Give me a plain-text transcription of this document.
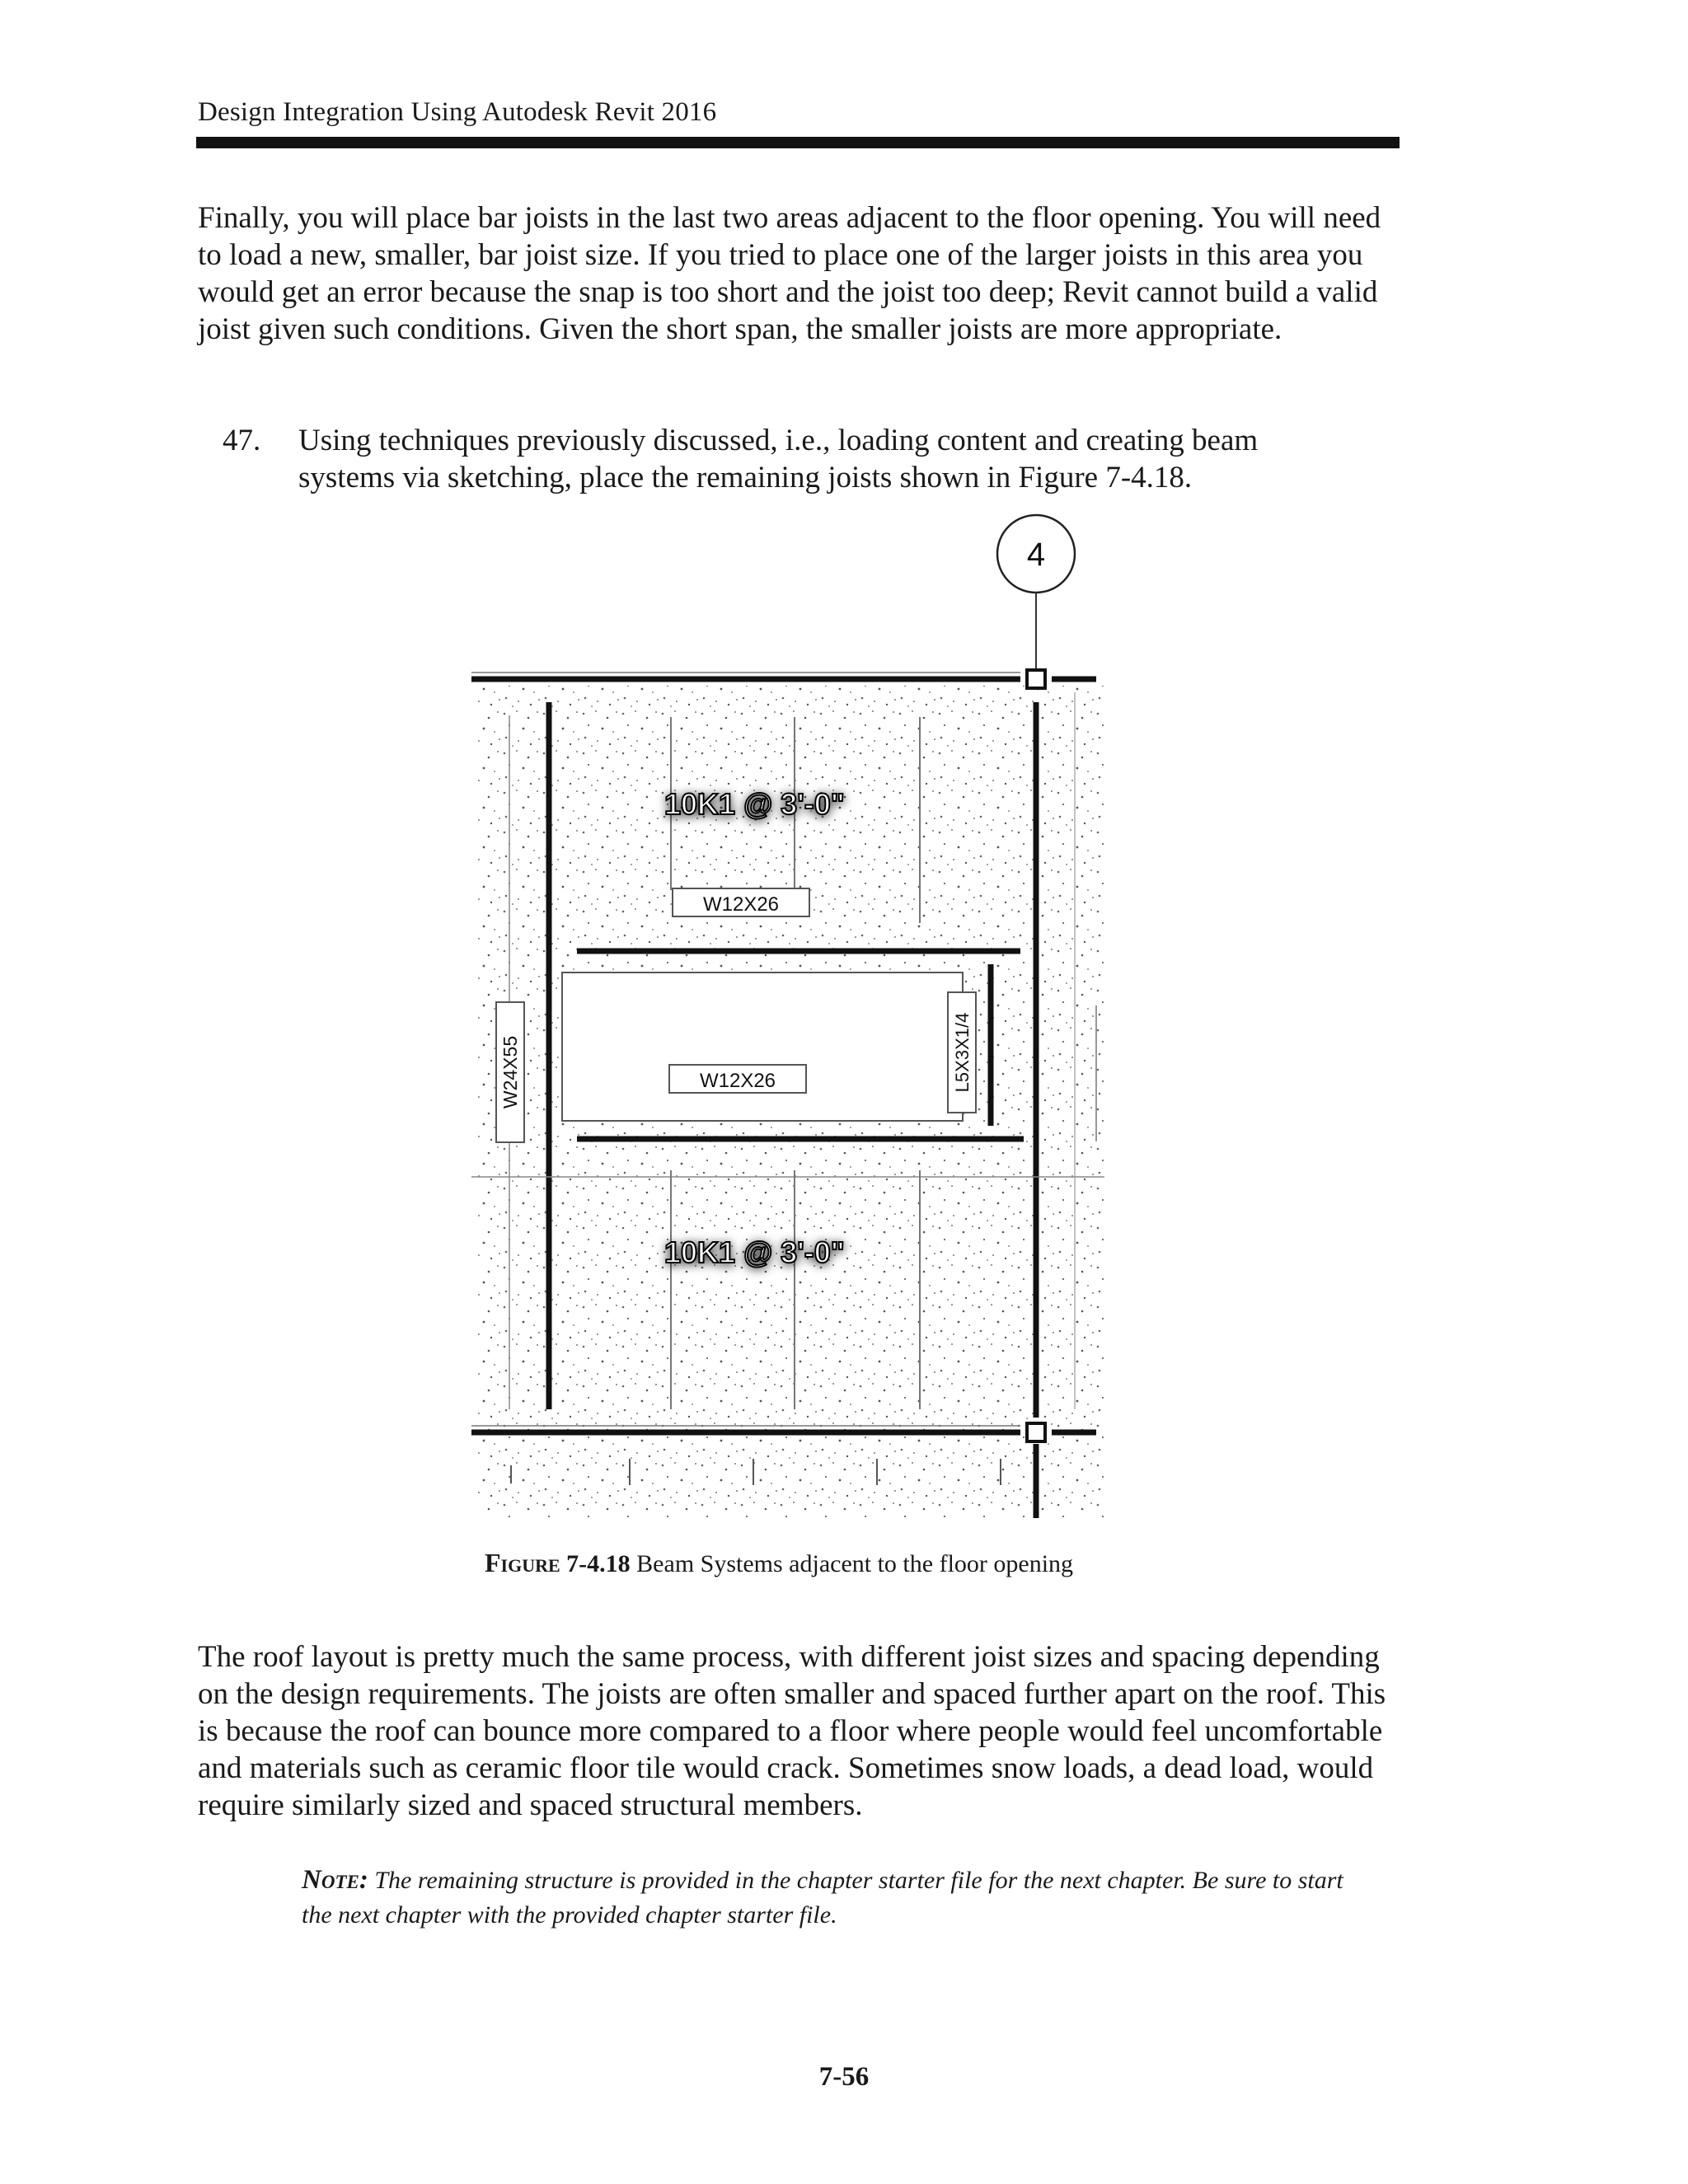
Design Integration Using Autodesk Revit 2016

Finally, you will place bar joists in the last two areas adjacent to the floor opening. You will need to load a new, smaller, bar joist size. If you tried to place one of the larger joists in this area you would get an error because the snap is too short and the joist too deep; Revit cannot build a valid joist given such conditions. Given the short span, the smaller joists are more appropriate.

47. Using techniques previously discussed, i.e., loading content and creating beam systems via sketching, place the remaining joists shown in Figure 7-4.18.
4
W12X26
W12X26
W24X55	L5X3X1/4
10K1 @ 3'-0"
10K1 @ 3'-0"
Figure 7-4.18 Beam Systems adjacent to the floor opening

The roof layout is pretty much the same process, with different joist sizes and spacing depending on the design requirements. The joists are often smaller and spaced further apart on the roof. This is because the roof can bounce more compared to a floor where people would feel uncomfortable and materials such as ceramic floor tile would crack. Sometimes snow loads, a dead load, would require similarly sized and spaced structural members.

Note: The remaining structure is provided in the chapter starter file for the next chapter. Be sure to start the next chapter with the provided chapter starter file.
7-56
